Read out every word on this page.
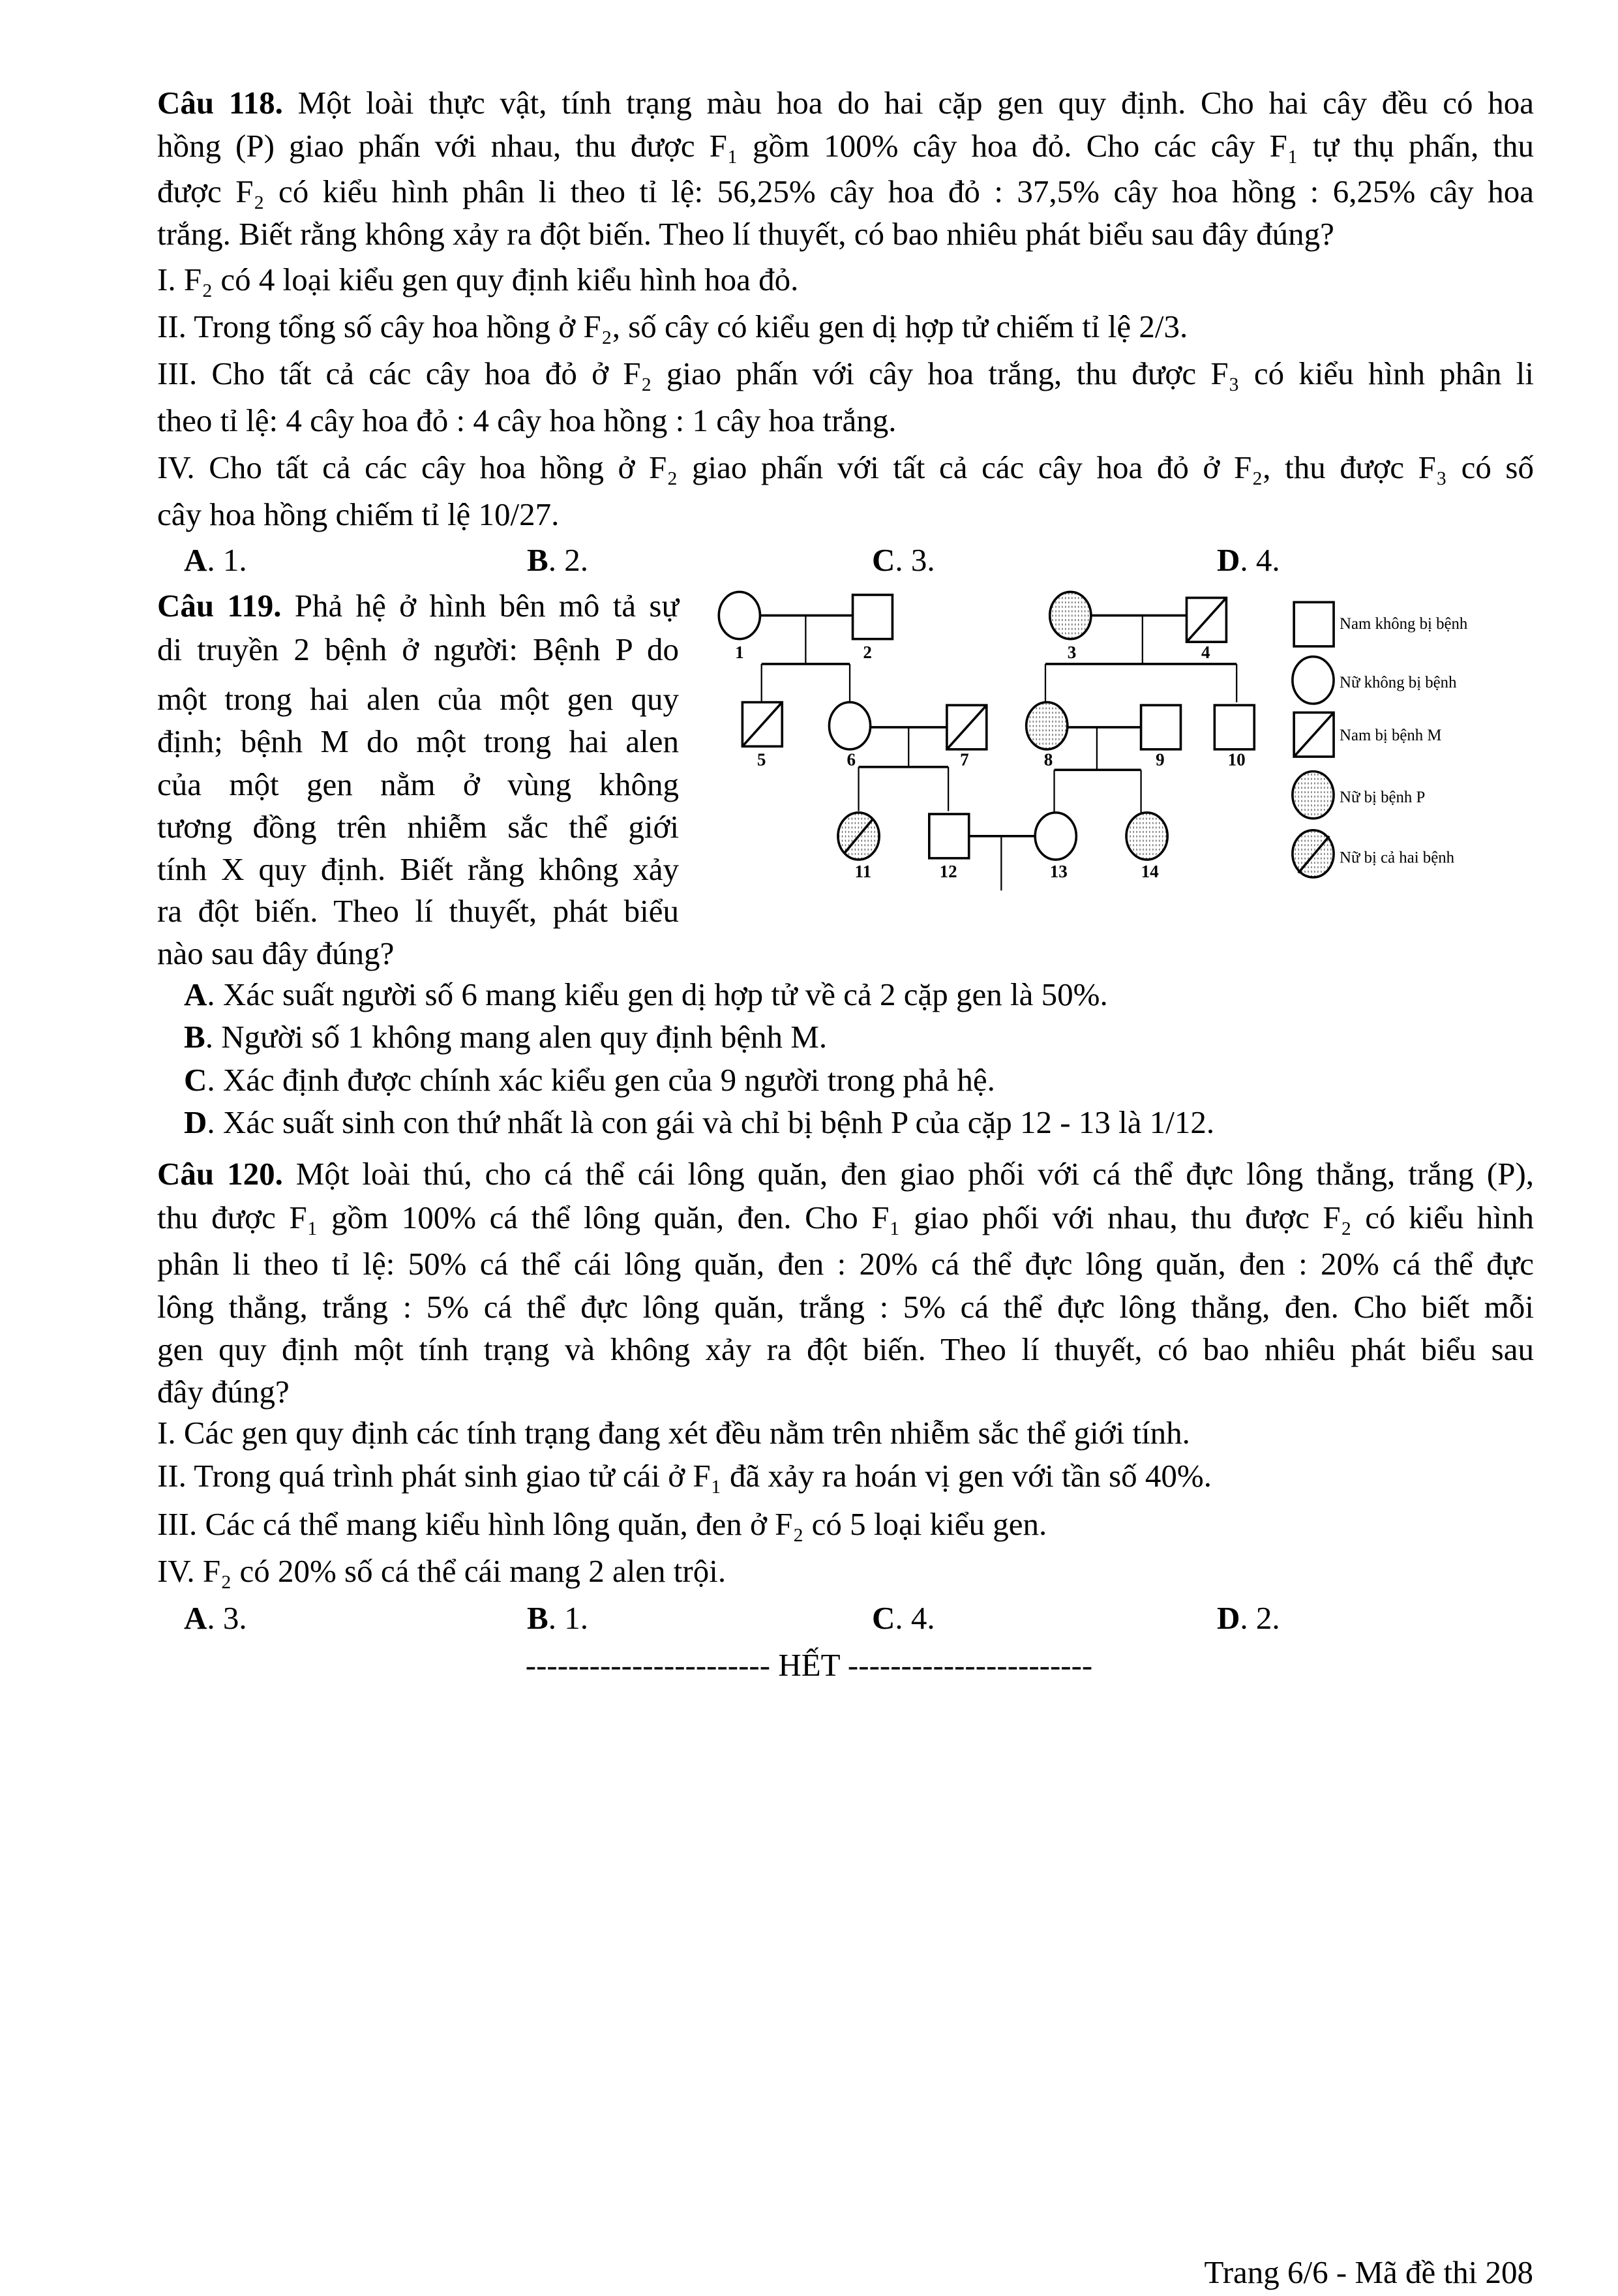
Câu 118. Một loài thực vật, tính trạng màu hoa do hai cặp gen quy định. Cho hai cây đều có hoa
hồng (P) giao phấn với nhau, thu được F₁ gồm 100% cây hoa đỏ. Cho các cây F₁ tự thụ phấn, thu
được F₂ có kiểu hình phân li theo tỉ lệ: 56,25% cây hoa đỏ : 37,5% cây hoa hồng : 6,25% cây hoa
trắng. Biết rằng không xảy ra đột biến. Theo lí thuyết, có bao nhiêu phát biểu sau đây đúng?
I. F₂ có 4 loại kiểu gen quy định kiểu hình hoa đỏ.
II. Trong tổng số cây hoa hồng ở F₂, số cây có kiểu gen dị hợp tử chiếm tỉ lệ 2/3.
III. Cho tất cả các cây hoa đỏ ở F₂ giao phấn với cây hoa trắng, thu được F₃ có kiểu hình phân li
theo tỉ lệ: 4 cây hoa đỏ : 4 cây hoa hồng : 1 cây hoa trắng.
IV. Cho tất cả các cây hoa hồng ở F₂ giao phấn với tất cả các cây hoa đỏ ở F₂, thu được F₃ có số
cây hoa hồng chiếm tỉ lệ 10/27.
A. 1.	B. 2.	C. 3.	D. 4.
Câu 119. Phả hệ ở hình bên mô tả sự
di truyền 2 bệnh ở người: Bệnh P do
một trong hai alen của một gen quy
định; bệnh M do một trong hai alen
của một gen nằm ở vùng không
tương đồng trên nhiễm sắc thể giới
tính X quy định. Biết rằng không xảy
ra đột biến. Theo lí thuyết, phát biểu
nào sau đây đúng?
A. Xác suất người số 6 mang kiểu gen dị hợp tử về cả 2 cặp gen là 50%.
B. Người số 1 không mang alen quy định bệnh M.
C. Xác định được chính xác kiểu gen của 9 người trong phả hệ.
D. Xác suất sinh con thứ nhất là con gái và chỉ bị bệnh P của cặp 12 - 13 là 1/12.
1	2	3	4
5	6	7	8	9	10
11	12	13	14
Nam không bị bệnh
Nữ không bị bệnh
Nam bị bệnh M
Nữ bị bệnh P
Nữ bị cả hai bệnh
Câu 120. Một loài thú, cho cá thể cái lông quăn, đen giao phối với cá thể đực lông thẳng, trắng (P),
thu được F₁ gồm 100% cá thể lông quăn, đen. Cho F₁ giao phối với nhau, thu được F₂ có kiểu hình
phân li theo tỉ lệ: 50% cá thể cái lông quăn, đen : 20% cá thể đực lông quăn, đen : 20% cá thể đực
lông thẳng, trắng : 5% cá thể đực lông quăn, trắng : 5% cá thể đực lông thẳng, đen. Cho biết mỗi
gen quy định một tính trạng và không xảy ra đột biến. Theo lí thuyết, có bao nhiêu phát biểu sau
đây đúng?
I. Các gen quy định các tính trạng đang xét đều nằm trên nhiễm sắc thể giới tính.
II. Trong quá trình phát sinh giao tử cái ở F₁ đã xảy ra hoán vị gen với tần số 40%.
III. Các cá thể mang kiểu hình lông quăn, đen ở F₂ có 5 loại kiểu gen.
IV. F₂ có 20% số cá thể cái mang 2 alen trội.
A. 3.	B. 1.	C. 4.	D. 2.
----------------------- HẾT -----------------------
Trang 6/6 - Mã đề thi 208
